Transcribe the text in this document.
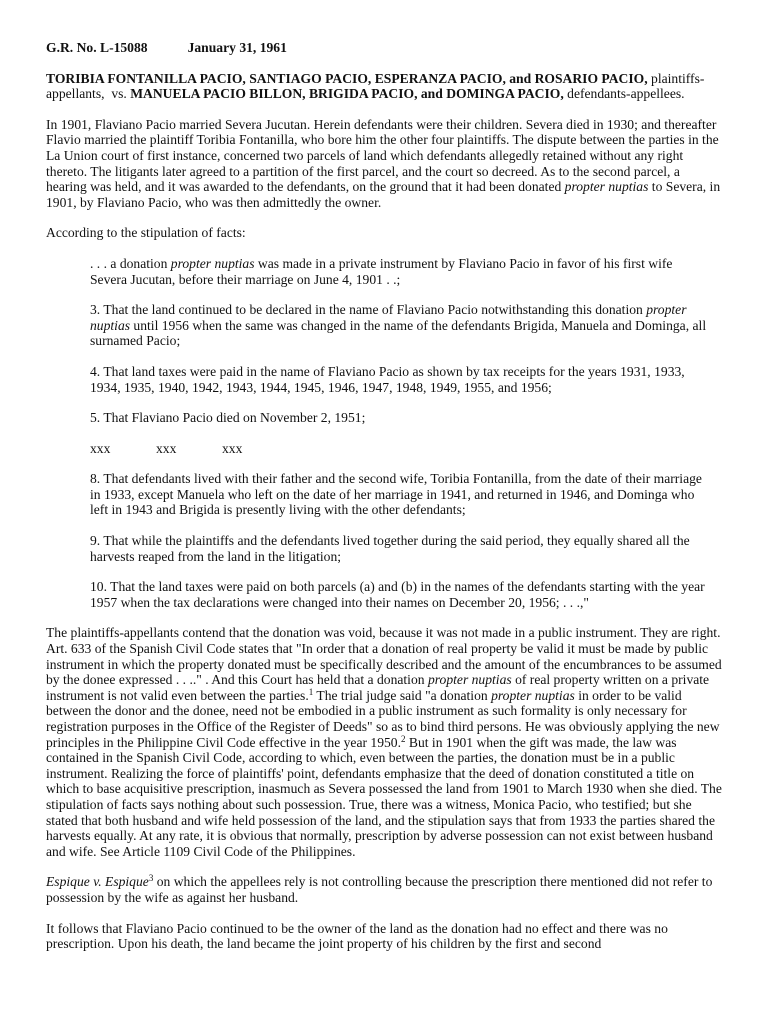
G.R. No. L-15088	January 31, 1961

TORIBIA FONTANILLA PACIO, SANTIAGO PACIO, ESPERANZA PACIO, and ROSARIO PACIO, plaintiffs-appellants, vs. MANUELA PACIO BILLON, BRIGIDA PACIO, and DOMINGA PACIO, defendants-appellees.

In 1901, Flaviano Pacio married Severa Jucutan. Herein defendants were their children. Severa died in 1930; and thereafter Flavio married the plaintiff Toribia Fontanilla, who bore him the other four plaintiffs. The dispute between the parties in the La Union court of first instance, concerned two parcels of land which defendants allegedly retained without any right thereto. The litigants later agreed to a partition of the first parcel, and the court so decreed. As to the second parcel, a hearing was held, and it was awarded to the defendants, on the ground that it had been donated propter nuptias to Severa, in 1901, by Flaviano Pacio, who was then admittedly the owner.

According to the stipulation of facts:

. . . a donation propter nuptias was made in a private instrument by Flaviano Pacio in favor of his first wife Severa Jucutan, before their marriage on June 4, 1901 . .;

3. That the land continued to be declared in the name of Flaviano Pacio notwithstanding this donation propter nuptias until 1956 when the same was changed in the name of the defendants Brigida, Manuela and Dominga, all surnamed Pacio;

4. That land taxes were paid in the name of Flaviano Pacio as shown by tax receipts for the years 1931, 1933, 1934, 1935, 1940, 1942, 1943, 1944, 1945, 1946, 1947, 1948, 1949, 1955, and 1956;

5. That Flaviano Pacio died on November 2, 1951;

xxx	xxx	xxx

8. That defendants lived with their father and the second wife, Toribia Fontanilla, from the date of their marriage in 1933, except Manuela who left on the date of her marriage in 1941, and returned in 1946, and Dominga who left in 1943 and Brigida is presently living with the other defendants;

9. That while the plaintiffs and the defendants lived together during the said period, they equally shared all the harvests reaped from the land in the litigation;

10. That the land taxes were paid on both parcels (a) and (b) in the names of the defendants starting with the year 1957 when the tax declarations were changed into their names on December 20, 1956; . . .,"

The plaintiffs-appellants contend that the donation was void, because it was not made in a public instrument. They are right. Art. 633 of the Spanish Civil Code states that "In order that a donation of real property be valid it must be made by public instrument in which the property donated must be specifically described and the amount of the encumbrances to be assumed by the donee expressed . . .." . And this Court has held that a donation propter nuptias of real property written on a private instrument is not valid even between the parties.$^1$ The trial judge said "a donation propter nuptias in order to be valid between the donor and the donee, need not be embodied in a public instrument as such formality is only necessary for registration purposes in the Office of the Register of Deeds" so as to bind third persons. He was obviously applying the new principles in the Philippine Civil Code effective in the year 1950.$^2$ But in 1901 when the gift was made, the law was contained in the Spanish Civil Code, according to which, even between the parties, the donation must be in a public instrument. Realizing the force of plaintiffs' point, defendants emphasize that the deed of donation constituted a title on which to base acquisitive prescription, inasmuch as Severa possessed the land from 1901 to March 1930 when she died. The stipulation of facts says nothing about such possession. True, there was a witness, Monica Pacio, who testified; but she stated that both husband and wife held possession of the land, and the stipulation says that from 1933 the parties shared the harvests equally. At any rate, it is obvious that normally, prescription by adverse possession can not exist between husband and wife. See Article 1109 Civil Code of the Philippines.

Espique v. Espique$^3$ on which the appellees rely is not controlling because the prescription there mentioned did not refer to possession by the wife as against her husband.

It follows that Flaviano Pacio continued to be the owner of the land as the donation had no effect and there was no prescription. Upon his death, the land became the joint property of his children by the first and second
